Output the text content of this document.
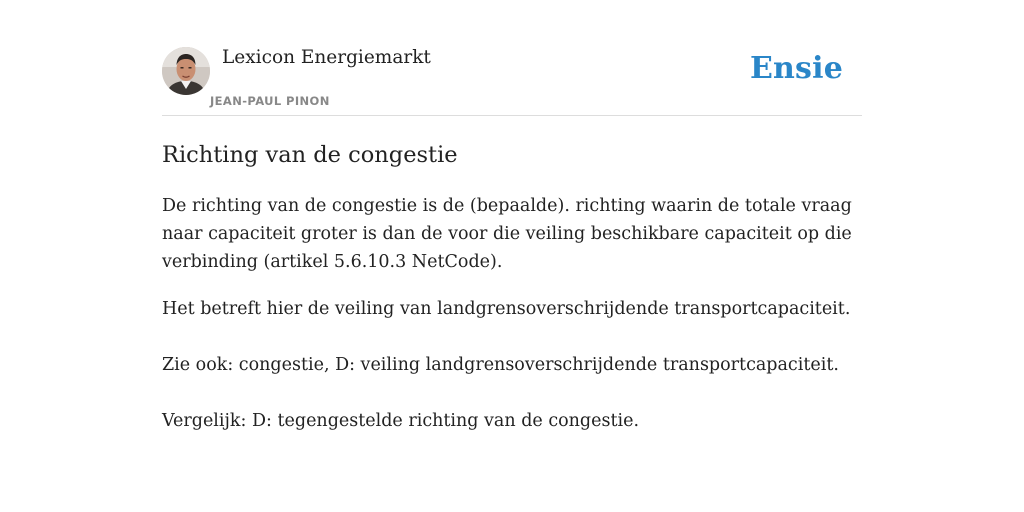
Lexicon Energiemarkt
JEAN-PAUL PINON
Ensie
Richting van de congestie

De richting van de congestie is de (bepaalde). richting waarin de totale vraag naar capaciteit groter is dan de voor die veiling beschikbare capaciteit op die verbinding (artikel 5.6.10.3 NetCode).

Het betreft hier de veiling van landgrensoverschrijdende transportcapaciteit.

Zie ook: congestie, D: veiling landgrensoverschrijdende transportcapaciteit.

Vergelijk: D: tegengestelde richting van de congestie.
